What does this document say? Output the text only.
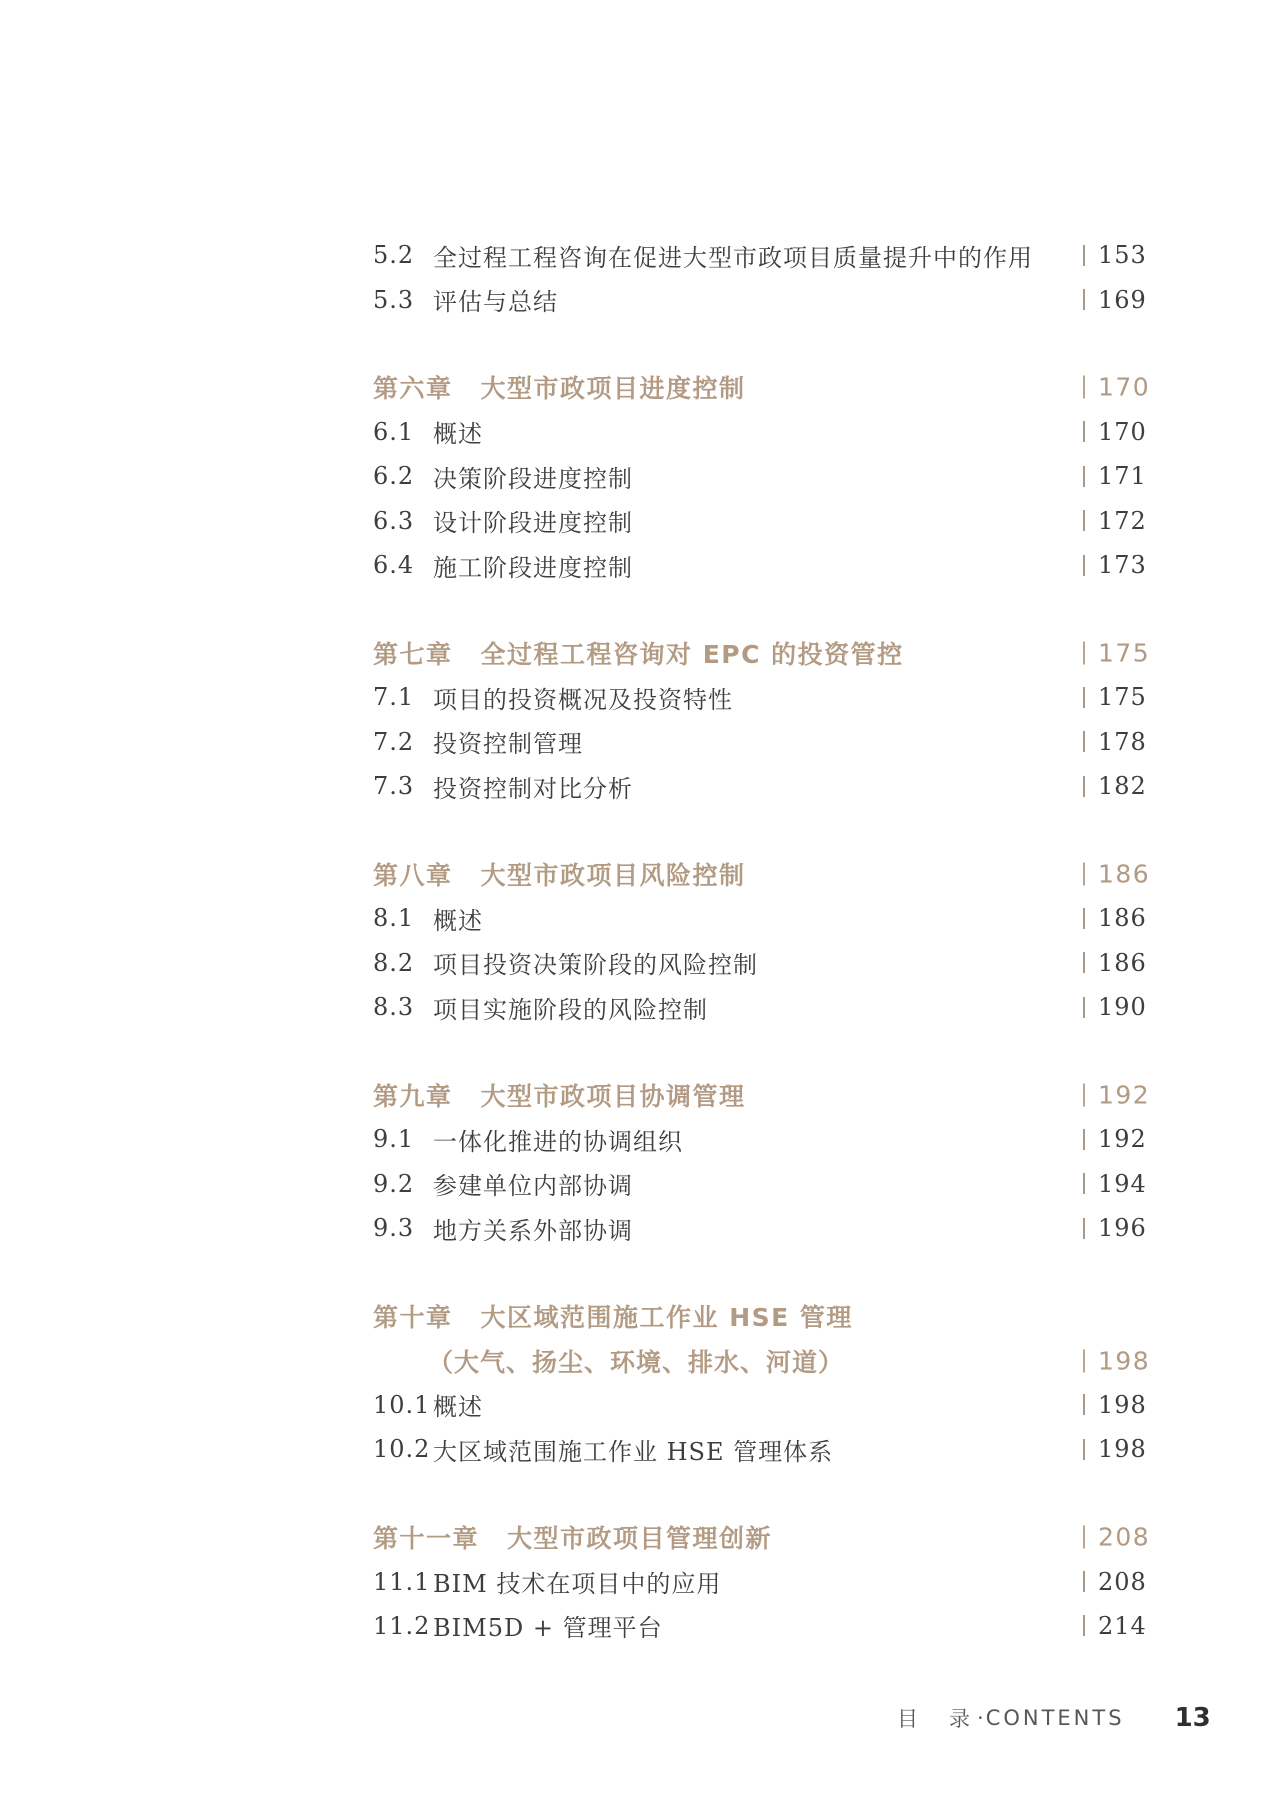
5.2 全过程工程咨询在促进大型市政项目质量提升中的作用	153
5.3 评估与总结	169
第六章 大型市政项目进度控制	170
6.1 概述	170
6.2 决策阶段进度控制	171
6.3 设计阶段进度控制	172
6.4 施工阶段进度控制	173
第七章 全过程工程咨询对 EPC 的投资管控	175
7.1 项目的投资概况及投资特性	175
7.2 投资控制管理	178
7.3 投资控制对比分析	182
第八章 大型市政项目风险控制	186
8.1 概述	186
8.2 项目投资决策阶段的风险控制	186
8.3 项目实施阶段的风险控制	190
第九章 大型市政项目协调管理	192
9.1 一体化推进的协调组织	192
9.2 参建单位内部协调	194
9.3 地方关系外部协调	196
第十章 大区域范围施工作业 HSE 管理
（大气、扬尘、环境、排水、河道）	198
10.1 概述	198
10.2 大区域范围施工作业 HSE 管理体系	198
第十一章 大型市政项目管理创新	208
11.1 BIM 技术在项目中的应用	208
11.2 BIM5D + 管理平台	214
目　录 · CONTENTS 13
